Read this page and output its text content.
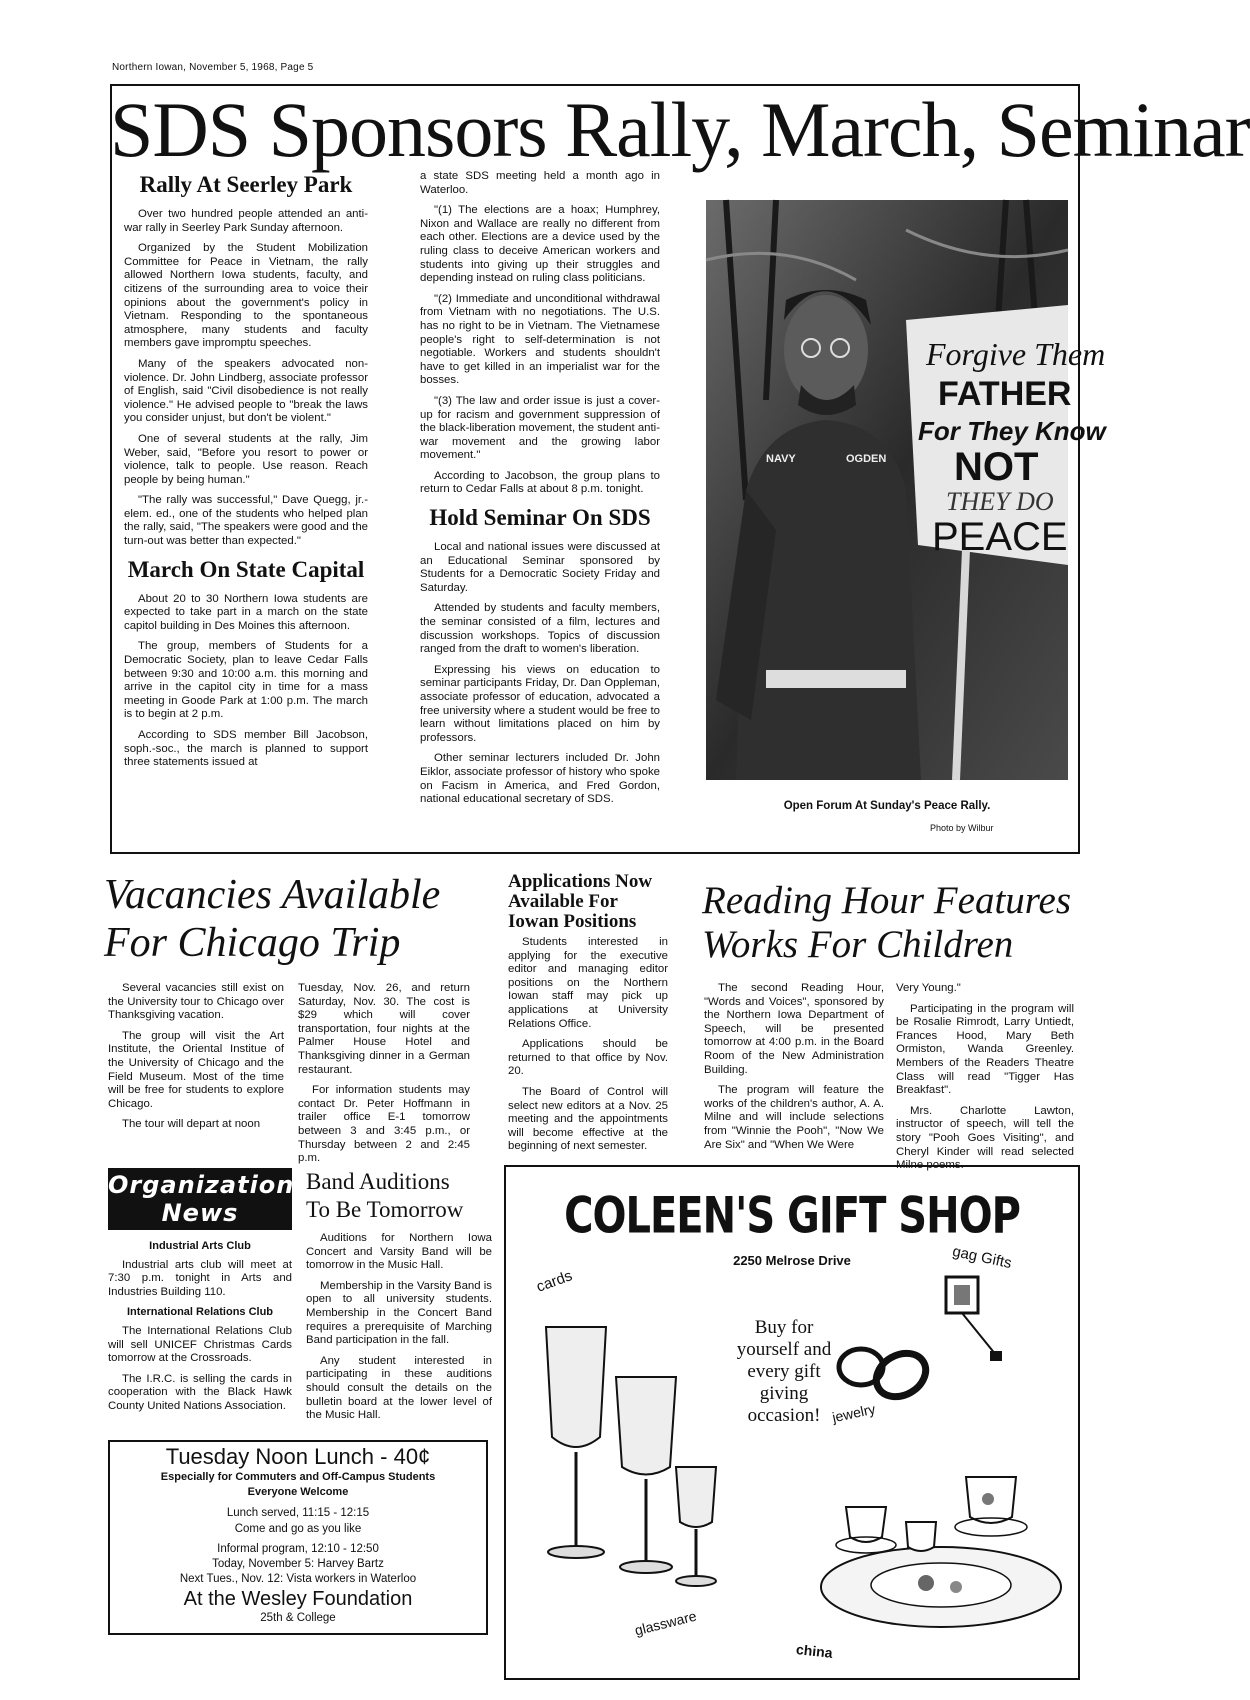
Northern Iowan, November 5, 1968, Page 5
SDS Sponsors Rally, March, Seminar
Rally At Seerley Park

Over two hundred people attended an anti-war rally in Seerley Park Sunday afternoon.

Organized by the Student Mobilization Committee for Peace in Vietnam, the rally allowed Northern Iowa students, faculty, and citizens of the surrounding area to voice their opinions about the government's policy in Vietnam. Responding to the spontaneous atmosphere, many students and faculty members gave impromptu speeches.

Many of the speakers advocated non-violence. Dr. John Lindberg, associate professor of English, said "Civil disobedience is not really violence." He advised people to "break the laws you consider unjust, but don't be violent."

One of several students at the rally, Jim Weber, said, "Before you resort to power or violence, talk to people. Use reason. Reach people by being human."

"The rally was successful," Dave Quegg, jr.-elem. ed., one of the students who helped plan the rally, said, "The speakers were good and the turn-out was better than expected."

March On State Capital

About 20 to 30 Northern Iowa students are expected to take part in a march on the state capitol building in Des Moines this afternoon.

The group, members of Students for a Democratic Society, plan to leave Cedar Falls between 9:30 and 10:00 a.m. this morning and arrive in the capitol city in time for a mass meeting in Goode Park at 1:00 p.m. The march is to begin at 2 p.m.

According to SDS member Bill Jacobson, soph.-soc., the march is planned to support three statements issued at

a state SDS meeting held a month ago in Waterloo.

"(1) The elections are a hoax; Humphrey, Nixon and Wallace are really no different from each other. Elections are a device used by the ruling class to deceive American workers and students into giving up their struggles and depending instead on ruling class politicians.

"(2) Immediate and unconditional withdrawal from Vietnam with no negotiations. The U.S. has no right to be in Vietnam. The Vietnamese people's right to self-determination is not negotiable. Workers and students shouldn't have to get killed in an imperialist war for the bosses.

"(3) The law and order issue is just a cover-up for racism and government suppression of the black-liberation movement, the student anti-war movement and the growing labor movement."

According to Jacobson, the group plans to return to Cedar Falls at about 8 p.m. tonight.

Hold Seminar On SDS

Local and national issues were discussed at an Educational Seminar sponsored by Students for a Democratic Society Friday and Saturday.

Attended by students and faculty members, the seminar consisted of a film, lectures and discussion workshops. Topics of discussion ranged from the draft to women's liberation.

Expressing his views on education to seminar participants Friday, Dr. Dan Oppleman, associate professor of education, advocated a free university where a student would be free to learn without limitations placed on him by professors.

Other seminar lecturers included Dr. John Eiklor, associate professor of history who spoke on Facism in America, and Fred Gordon, national educational secretary of SDS.

Forgive Them
FATHER
For They Know
NOT
THEY DO
PEACE
NAVY	OGDEN
Open Forum At Sunday's Peace Rally.
Photo by Wilbur
Vacancies Available
For Chicago Trip

Several vacancies still exist on the University tour to Chicago over Thanksgiving vacation.

The group will visit the Art Institute, the Oriental Institue of the University of Chicago and the Field Museum. Most of the time will be free for students to explore Chicago.

The tour will depart at noon

Tuesday, Nov. 26, and return Saturday, Nov. 30. The cost is $29 which will cover transportation, four nights at the Palmer House Hotel and Thanksgiving dinner in a German restaurant.

For information students may contact Dr. Peter Hoffmann in trailer office E-1 tomorrow between 3 and 3:45 p.m., or Thursday between 2 and 2:45 p.m.

Applications Now Available For Iowan Positions

Students interested in applying for the executive editor and managing editor positions on the Northern Iowan staff may pick up applications at University Relations Office.

Applications should be returned to that office by Nov. 20.

The Board of Control will select new editors at a Nov. 25 meeting and the appointments will become effective at the beginning of next semester.

Reading Hour Features
Works For Children

The second Reading Hour, "Words and Voices", sponsored by the Northern Iowa Department of Speech, will be presented tomorrow at 4:00 p.m. in the Board Room of the New Administration Building.

The program will feature the works of the children's author, A. A. Milne and will include selections from "Winnie the Pooh", "Now We Are Six" and "When We Were

Very Young."

Participating in the program will be Rosalie Rimrodt, Larry Untiedt, Frances Hood, Mary Beth Ormiston, Wanda Greenley. Members of the Readers Theatre Class will read "Tigger Has Breakfast".

Mrs. Charlotte Lawton, instructor of speech, will tell the story "Pooh Goes Visiting", and Cheryl Kinder will read selected Milne poems.

Organization
News
Industrial Arts Club

Industrial arts club will meet at 7:30 p.m. tonight in Arts and Industries Building 110.

International Relations Club

The International Relations Club will sell UNICEF Christmas Cards tomorrow at the Crossroads.

The I.R.C. is selling the cards in cooperation with the Black Hawk County United Nations Association.

Band Auditions
To Be Tomorrow

Auditions for Northern Iowa Concert and Varsity Band will be tomorrow in the Music Hall.

Membership in the Varsity Band is open to all university students. Membership in the Concert Band requires a prerequisite of Marching Band participation in the fall.

Any student interested in participating in these auditions should consult the details on the bulletin board at the lower level of the Music Hall.

Tuesday Noon Lunch - 40¢
Especially for Commuters and Off-Campus Students
Everyone Welcome
Lunch served, 11:15 - 12:15
Come and go as you like
Informal program, 12:10 - 12:50
Today, November 5: Harvey Bartz
Next Tues., Nov. 12: Vista workers in Waterloo
At the Wesley Foundation
25th & College
COLEEN'S GIFT SHOP
2250 Melrose Drive
Buy for yourself and every gift giving occasion!
cards
gag Gifts
jewelry
glassware
china
